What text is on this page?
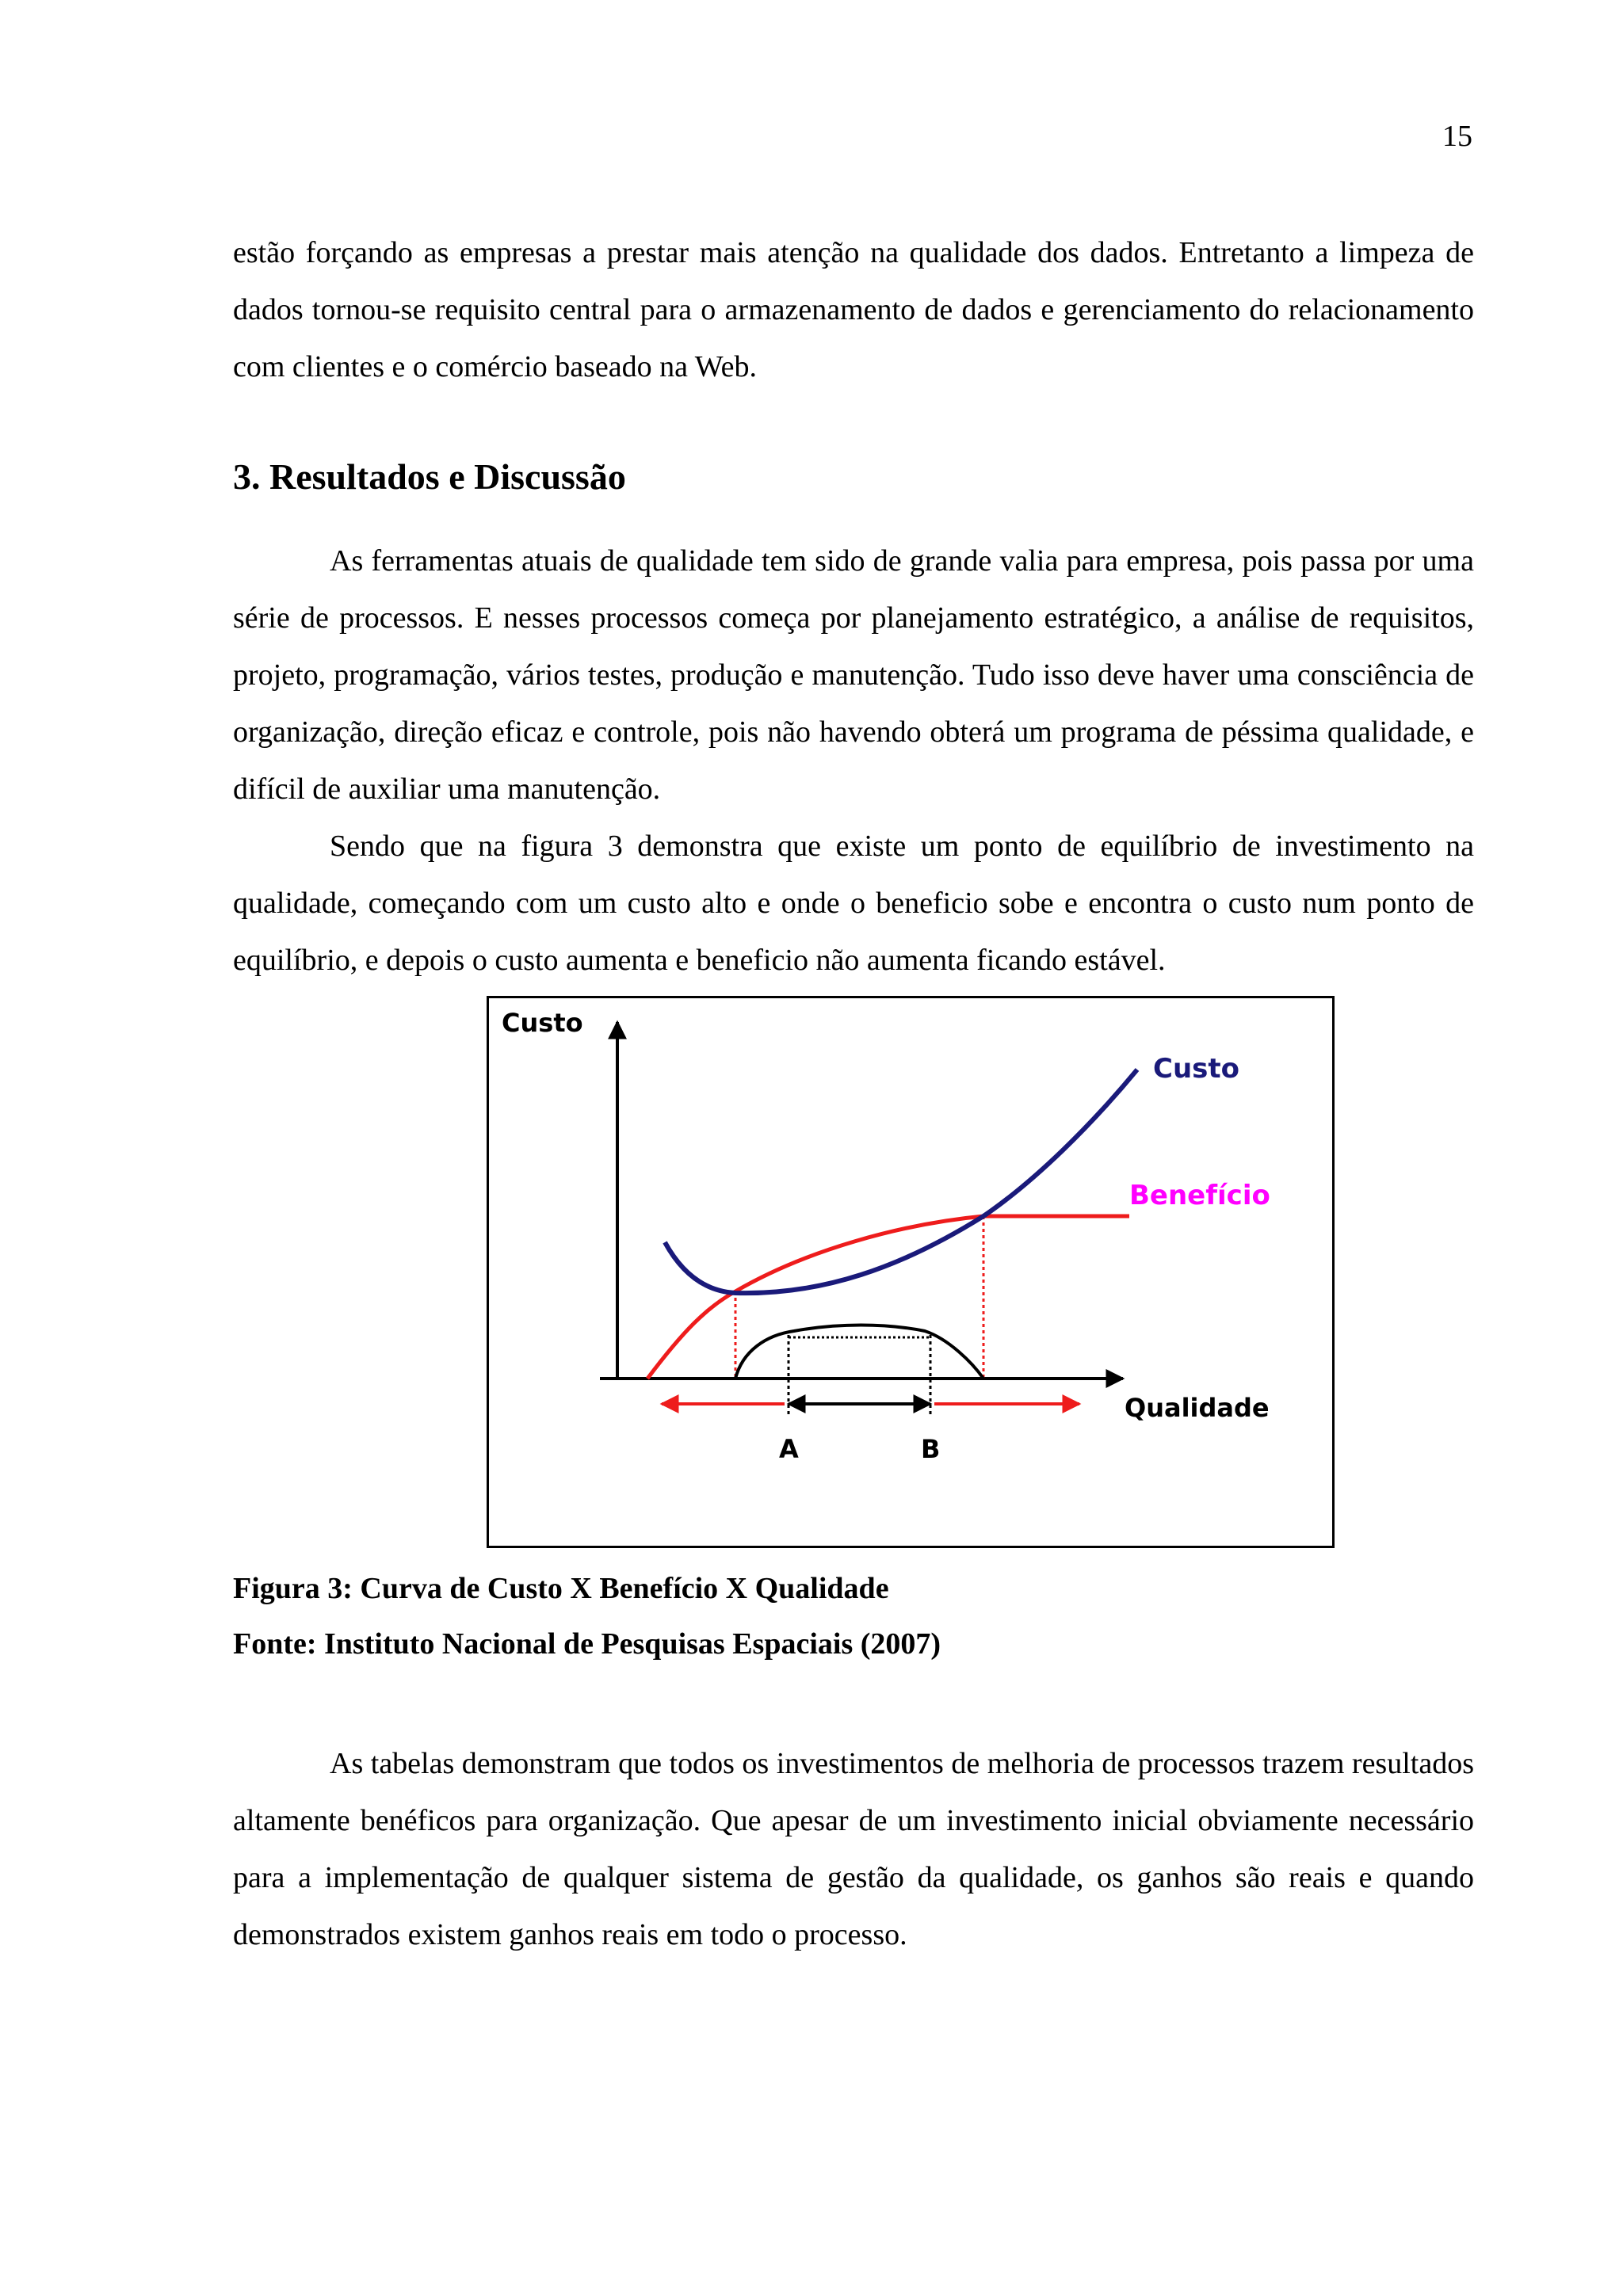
15

estão forçando as empresas a prestar mais atenção na qualidade dos dados. Entretanto a limpeza de dados tornou-se requisito central para o armazenamento de dados e gerenciamento do relacionamento com clientes e o comércio baseado na Web.

3. Resultados e Discussão

As ferramentas atuais de qualidade tem sido de grande valia para empresa, pois passa por uma série de processos. E nesses processos começa por planejamento estratégico, a análise de requisitos, projeto, programação, vários testes, produção e manutenção. Tudo isso deve haver uma consciência de organização, direção eficaz e controle, pois não havendo obterá um programa de péssima qualidade, e difícil de auxiliar uma manutenção.

Sendo que na figura 3 demonstra que existe um ponto de equilíbrio de investimento na qualidade, começando com um custo alto e onde o beneficio sobe e encontra o custo num ponto de equilíbrio, e depois o custo aumenta e beneficio não aumenta ficando estável.

Custo
Custo
Benefício
Qualidade
A	B
Figura 3: Curva de Custo X Benefício X Qualidade
Fonte: Instituto Nacional de Pesquisas Espaciais (2007)

As tabelas demonstram que todos os investimentos de melhoria de processos trazem resultados altamente benéficos para organização. Que apesar de um investimento inicial obviamente necessário para a implementação de qualquer sistema de gestão da qualidade, os ganhos são reais e quando demonstrados existem ganhos reais em todo o processo.
